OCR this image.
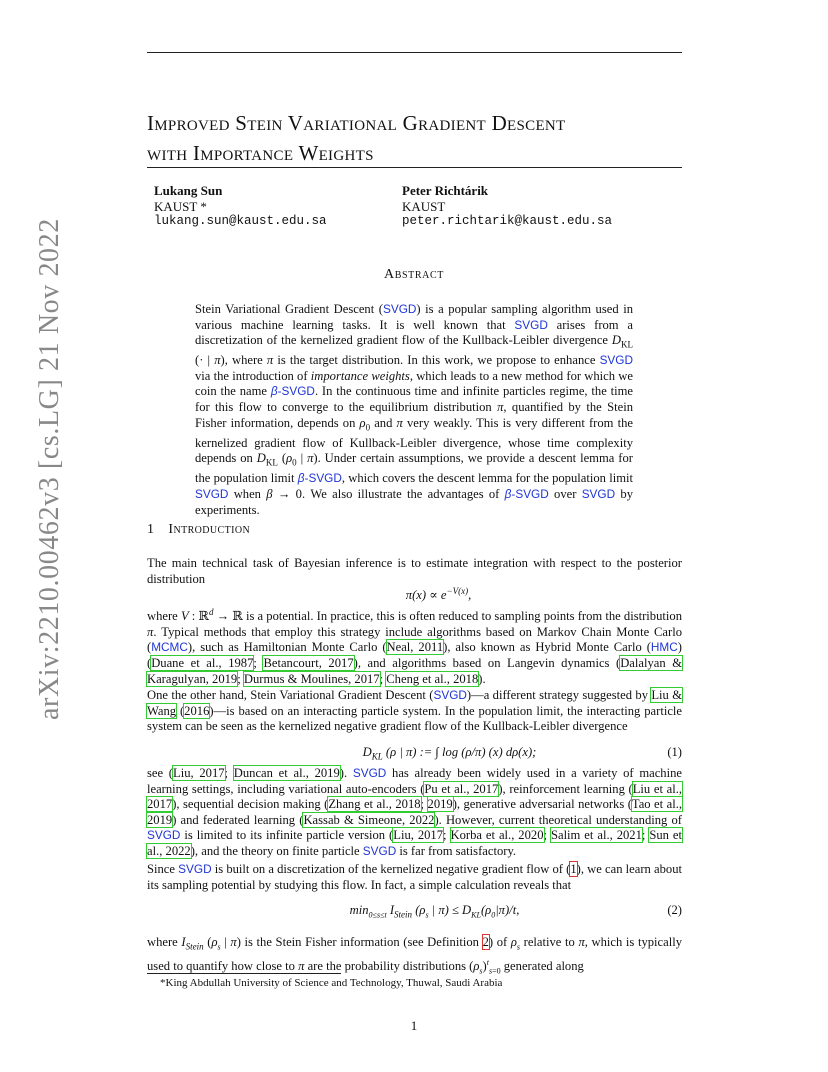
arXiv:2210.00462v3 [cs.LG] 21 Nov 2022
Improved Stein Variational Gradient Descent
with Importance Weights
Lukang Sun
KAUST *
lukang.sun@kaust.edu.sa
Peter Richtárik
KAUST
peter.richtarik@kaust.edu.sa
Abstract
Stein Variational Gradient Descent (SVGD) is a popular sampling algorithm used in various machine learning tasks. It is well known that SVGD arises from a discretization of the kernelized gradient flow of the Kullback-Leibler divergence $D_{KL}$ (· | π), where π is the target distribution. In this work, we propose to enhance SVGD via the introduction of importance weights, which leads to a new method for which we coin the name β-SVGD. In the continuous time and infinite particles regime, the time for this flow to converge to the equilibrium distribution π, quantified by the Stein Fisher information, depends on $\rho_0$ and π very weakly. This is very different from the kernelized gradient flow of Kullback-Leibler divergence, whose time complexity depends on $D_{KL}$ ($\rho_0$ | π). Under certain assumptions, we provide a descent lemma for the population limit β-SVGD, which covers the descent lemma for the population limit SVGD when β → 0. We also illustrate the advantages of β-SVGD over SVGD by experiments.
1 Introduction
The main technical task of Bayesian inference is to estimate integration with respect to the posterior distribution
$\pi(x) \propto e^{-V(x)}$,
where V : ℝ$^d$ → ℝ is a potential. In practice, this is often reduced to sampling points from the distribution π. Typical methods that employ this strategy include algorithms based on Markov Chain Monte Carlo (MCMC), such as Hamiltonian Monte Carlo (Neal, 2011), also known as Hybrid Monte Carlo (HMC) (Duane et al., 1987; Betancourt, 2017), and algorithms based on Langevin dynamics (Dalalyan & Karagulyan, 2019; Durmus & Moulines, 2017; Cheng et al., 2018).
One the other hand, Stein Variational Gradient Descent (SVGD)—a different strategy suggested by Liu & Wang (2016)—is based on an interacting particle system. In the population limit, the interacting particle system can be seen as the kernelized negative gradient flow of the Kullback-Leibler divergence
$D_{KL}$ (ρ | π) := ∫ log (ρ/π) (x) dρ(x);	(1)
see (Liu, 2017; Duncan et al., 2019). SVGD has already been widely used in a variety of machine learning settings, including variational auto-encoders (Pu et al., 2017), reinforcement learning (Liu et al., 2017), sequential decision making (Zhang et al., 2018; 2019), generative adversarial networks (Tao et al., 2019) and federated learning (Kassab & Simeone, 2022). However, current theoretical understanding of SVGD is limited to its infinite particle version (Liu, 2017; Korba et al., 2020; Salim et al., 2021; Sun et al., 2022), and the theory on finite particle SVGD is far from satisfactory.
Since SVGD is built on a discretization of the kernelized negative gradient flow of (1), we can learn about its sampling potential by studying this flow. In fact, a simple calculation reveals that
$\min_{0\le s\le t} I_{Stein}$ ($\rho_s$ | $\pi) \le D_{KL}(\rho_0|\pi)/t$,	(2)
where $I_{Stein}$ ($\rho_s$ | π) is the Stein Fisher information (see Definition 2) of $\rho_s$ relative to π, which is typically used to quantify how close to π are the probability distributions $(\rho_s)^t_{s=0}$ generated along
*King Abdullah University of Science and Technology, Thuwal, Saudi Arabia
1
